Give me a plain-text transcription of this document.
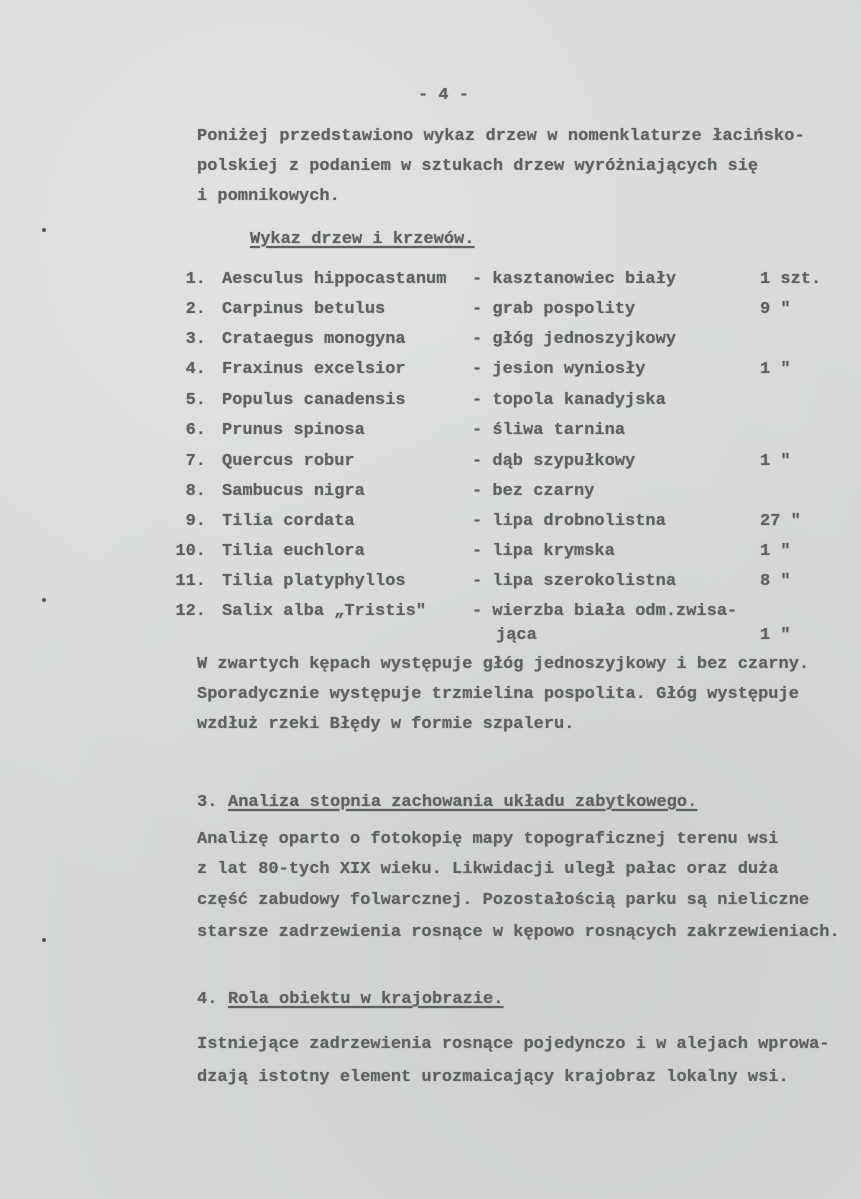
- 4 -
Poniżej przedstawiono wykaz drzew w nomenklaturze łacińsko-
polskiej z podaniem w sztukach drzew wyróżniających się
i pomnikowych.
Wykaz drzew i krzewów.
1. Aesculus hippocastanum - kasztanowiec biały	1 szt.
2. Carpinus betulus	- grab pospolity	9 "
3. Crataegus monogyna	- głóg jednoszyjkowy
4. Fraxinus excelsior	- jesion wyniosły	1 "
5. Populus canadensis	- topola kanadyjska
6. Prunus spinosa	- śliwa tarnina
7. Quercus robur	- dąb szypułkowy	1 "
8. Sambucus nigra	- bez czarny
9. Tilia cordata	- lipa drobnolistna	27 "
10. Tilia euchlora	- lipa krymska	1 "
11. Tilia platyphyllos	- lipa szerokolistna	8 "
12. Salix alba „Tristis"	- wierzba biała odm.zwisa-
jąca	1 "
W zwartych kępach występuje głóg jednoszyjkowy i bez czarny.
Sporadycznie występuje trzmielina pospolita. Głóg występuje
wzdłuż rzeki Błędy w formie szpaleru.
3. Analiza stopnia zachowania układu zabytkowego.
Analizę oparto o fotokopię mapy topograficznej terenu wsi
z lat 80-tych XIX wieku. Likwidacji uległ pałac oraz duża
część zabudowy folwarcznej. Pozostałością parku są nieliczne
starsze zadrzewienia rosnące w kępowo rosnących zakrzewieniach.
4. Rola obiektu w krajobrazie.
Istniejące zadrzewienia rosnące pojedynczo i w alejach wprowa-
dzają istotny element urozmaicający krajobraz lokalny wsi.
